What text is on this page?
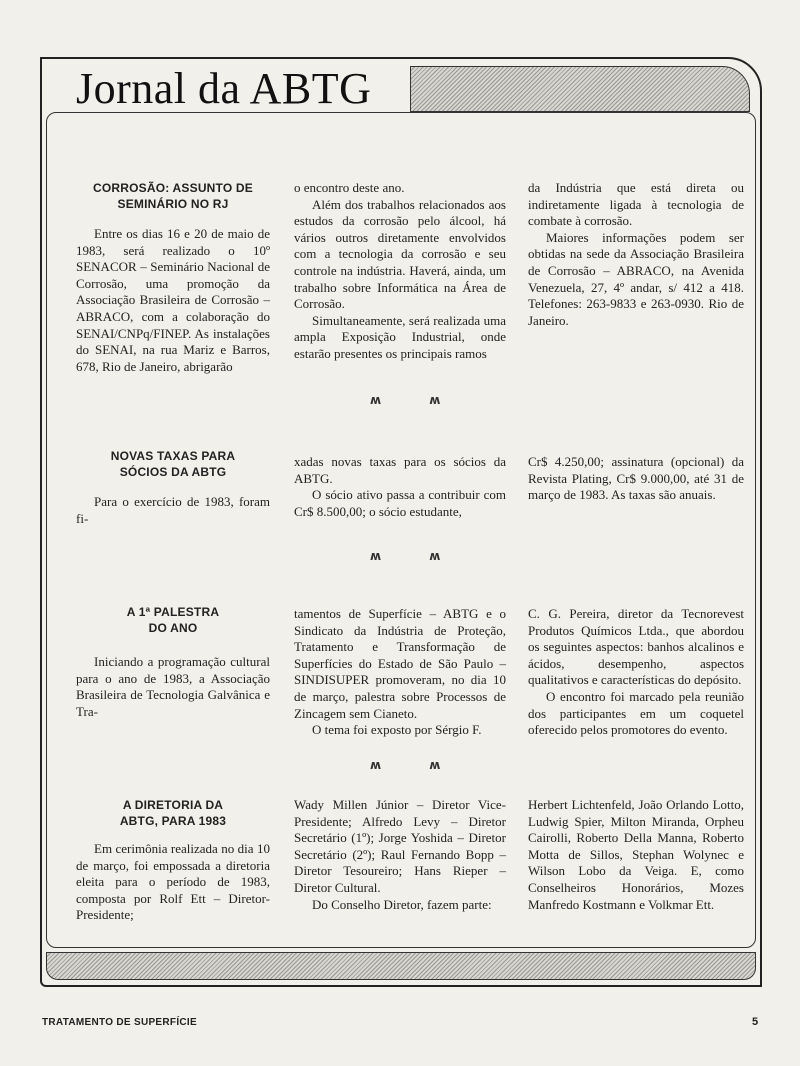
Jornal da ABTG
CORROSÃO: ASSUNTO DE
SEMINÁRIO NO RJ

Entre os dias 16 e 20 de maio de 1983, será realizado o 10º SENACOR – Seminário Nacional de Corrosão, uma promoção da Associação Brasileira de Corrosão – ABRACO, com a colaboração do SENAI/CNPq/FINEP. As instalações do SENAI, na rua Mariz e Barros, 678, Rio de Janeiro, abrigarão

o encontro deste ano.

Além dos trabalhos relacionados aos estudos da corrosão pelo álcool, há vários outros diretamente envolvidos com a tecnologia da corrosão e seu controle na indústria. Haverá, ainda, um trabalho sobre Informática na Área de Corrosão.

Simultaneamente, será realizada uma ampla Exposição Industrial, onde estarão presentes os principais ramos

da Indústria que está direta ou indiretamente ligada à tecnologia de combate à corrosão.

Maiores informações podem ser obtidas na sede da Associação Brasileira de Corrosão – ABRACO, na Avenida Venezuela, 27, 4º andar, s/ 412 a 418. Telefones: 263-9833 e 263-0930. Rio de Janeiro.

ʍ ʍ
NOVAS TAXAS PARA
SÓCIOS DA ABTG

Para o exercício de 1983, foram fi-

xadas novas taxas para os sócios da ABTG.

O sócio ativo passa a contribuir com Cr$ 8.500,00; o sócio estudante,

Cr$ 4.250,00; assinatura (opcional) da Revista Plating, Cr$ 9.000,00, até 31 de março de 1983. As taxas são anuais.

ʍ ʍ
A 1ª PALESTRA
DO ANO

Iniciando a programação cultural para o ano de 1983, a Associação Brasileira de Tecnologia Galvânica e Tra-

tamentos de Superfície – ABTG e o Sindicato da Indústria de Proteção, Tratamento e Transformação de Superfícies do Estado de São Paulo – SINDISUPER promoveram, no dia 10 de março, palestra sobre Processos de Zincagem sem Cianeto.

O tema foi exposto por Sérgio F.

C. G. Pereira, diretor da Tecnorevest Produtos Químicos Ltda., que abordou os seguintes aspectos: banhos alcalinos e ácidos, desempenho, aspectos qualitativos e características do depósito.

O encontro foi marcado pela reunião dos participantes em um coquetel oferecido pelos promotores do evento.

ʍ ʍ
A DIRETORIA DA
ABTG, PARA 1983

Em cerimônia realizada no dia 10 de março, foi empossada a diretoria eleita para o período de 1983, composta por Rolf Ett – Diretor-Presidente;

Wady Millen Júnior – Diretor Vice-Presidente; Alfredo Levy – Diretor Secretário (1º); Jorge Yoshida – Diretor Secretário (2º); Raul Fernando Bopp – Diretor Tesoureiro; Hans Rieper – Diretor Cultural.

Do Conselho Diretor, fazem parte:

Herbert Lichtenfeld, João Orlando Lotto, Ludwig Spier, Milton Miranda, Orpheu Cairolli, Roberto Della Manna, Roberto Motta de Sillos, Stephan Wolynec e Wilson Lobo da Veiga. E, como Conselheiros Honorários, Mozes Manfredo Kostmann e Volkmar Ett.

TRATAMENTO DE SUPERFÍCIE	5
